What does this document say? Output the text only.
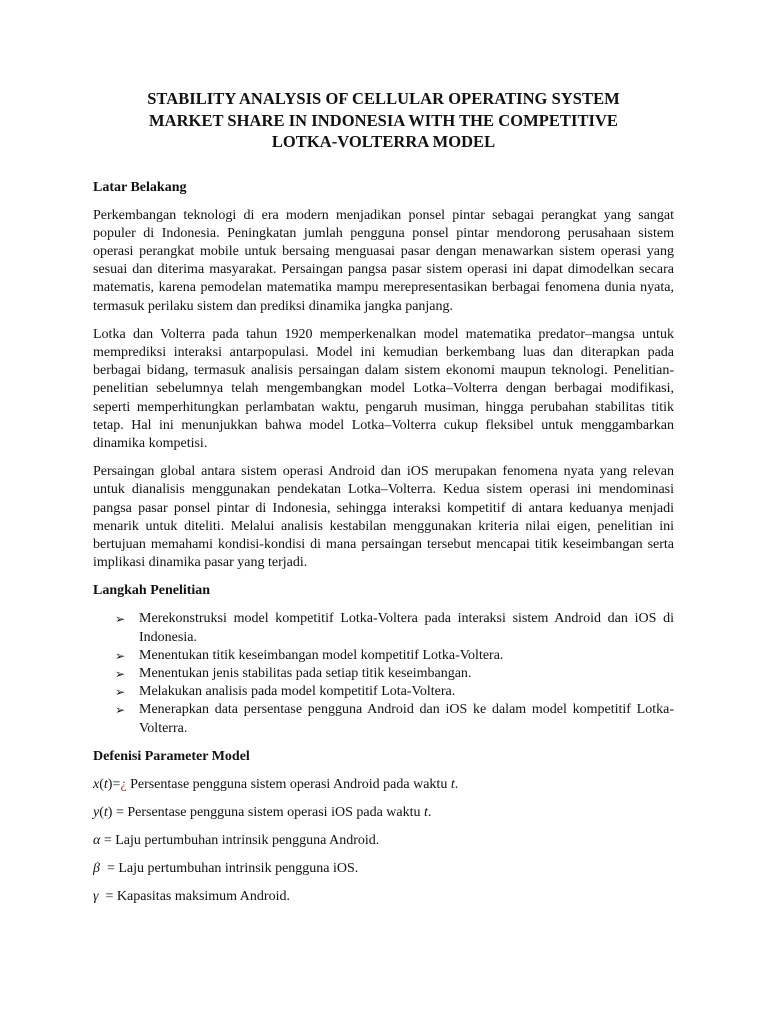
STABILITY ANALYSIS OF CELLULAR OPERATING SYSTEM
MARKET SHARE IN INDONESIA WITH THE COMPETITIVE
LOTKA-VOLTERRA MODEL
Latar Belakang

Perkembangan teknologi di era modern menjadikan ponsel pintar sebagai perangkat yang sangat populer di Indonesia. Peningkatan jumlah pengguna ponsel pintar mendorong perusahaan sistem operasi perangkat mobile untuk bersaing menguasai pasar dengan menawarkan sistem operasi yang sesuai dan diterima masyarakat. Persaingan pangsa pasar sistem operasi ini dapat dimodelkan secara matematis, karena pemodelan matematika mampu merepresentasikan berbagai fenomena dunia nyata, termasuk perilaku sistem dan prediksi dinamika jangka panjang.

Lotka dan Volterra pada tahun 1920 memperkenalkan model matematika predator–mangsa untuk memprediksi interaksi antarpopulasi. Model ini kemudian berkembang luas dan diterapkan pada berbagai bidang, termasuk analisis persaingan dalam sistem ekonomi maupun teknologi. Penelitian-penelitian sebelumnya telah mengembangkan model Lotka–Volterra dengan berbagai modifikasi, seperti memperhitungkan perlambatan waktu, pengaruh musiman, hingga perubahan stabilitas titik tetap. Hal ini menunjukkan bahwa model Lotka–Volterra cukup fleksibel untuk menggambarkan dinamika kompetisi.

Persaingan global antara sistem operasi Android dan iOS merupakan fenomena nyata yang relevan untuk dianalisis menggunakan pendekatan Lotka–Volterra. Kedua sistem operasi ini mendominasi pangsa pasar ponsel pintar di Indonesia, sehingga interaksi kompetitif di antara keduanya menjadi menarik untuk diteliti. Melalui analisis kestabilan menggunakan kriteria nilai eigen, penelitian ini bertujuan memahami kondisi-kondisi di mana persaingan tersebut mencapai titik keseimbangan serta implikasi dinamika pasar yang terjadi.

Langkah Penelitian
➢ Merekonstruksi model kompetitif Lotka-Voltera pada interaksi sistem Android dan iOS di Indonesia.
➢ Menentukan titik keseimbangan model kompetitif Lotka-Voltera.
➢ Menentukan jenis stabilitas pada setiap titik keseimbangan.
➢ Melakukan analisis pada model kompetitif Lota-Voltera.
➢ Menerapkan data persentase pengguna Android dan iOS ke dalam model kompetitif Lotka-Volterra.
Defenisi Parameter Model
x(t)=¿ Persentase pengguna sistem operasi Android pada waktu t.
y(t) = Persentase pengguna sistem operasi iOS pada waktu t.
α = Laju pertumbuhan intrinsik pengguna Android.
β  = Laju pertumbuhan intrinsik pengguna iOS.
γ  = Kapasitas maksimum Android.
